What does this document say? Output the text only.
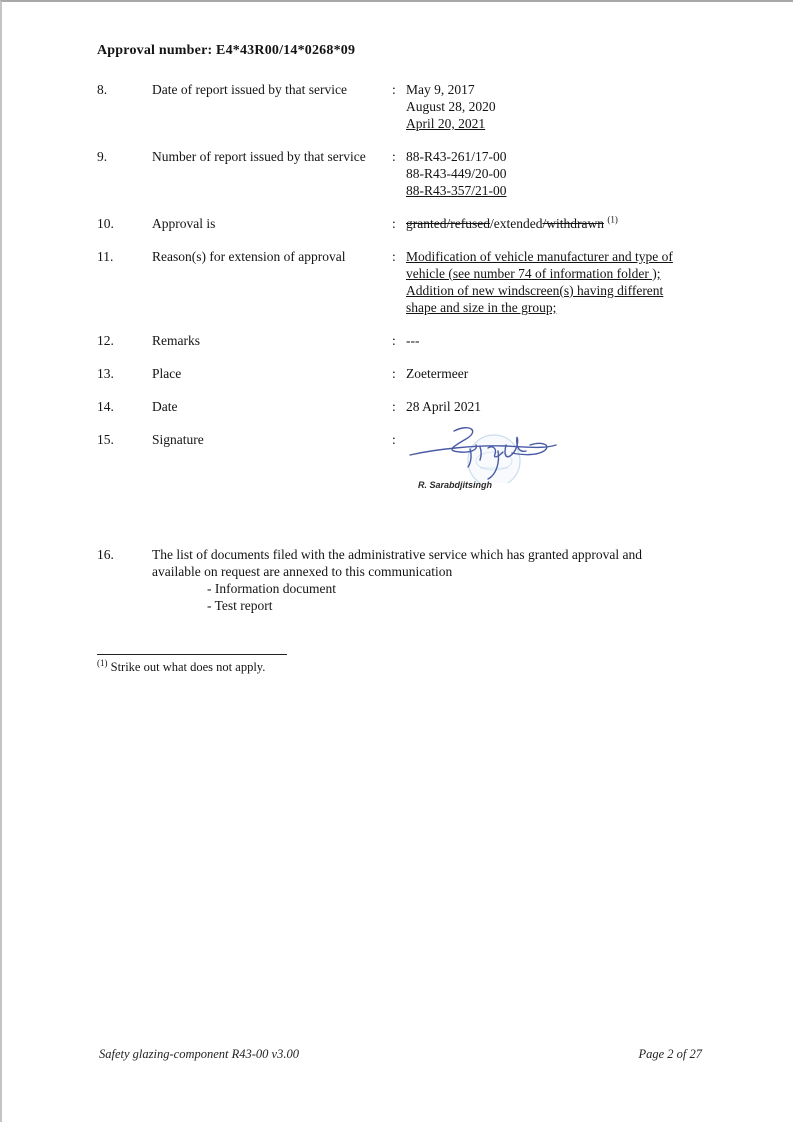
Approval number: E4*43R00/14*0268*09
8.	Date of report issued by that service	: May 9, 2017
August 28, 2020
April 20, 2021
9.	Number of report issued by that service	: 88-R43-261/17-00
88-R43-449/20-00
88-R43-357/21-00
10.	Approval is	: granted/refused/extended/withdrawn $^{(1)}$
11.	Reason(s) for extension of approval	: Modification of vehicle manufacturer and type of
vehicle (see number 74 of information folder );
Addition of new windscreen(s) having different
shape and size in the group;
12.	Remarks	: ---
13.	Place	: Zoetermeer
14.	Date	: 28 April 2021
15.	Signature	:
R. Sarabdjitsingh
16.	The list of documents filed with the administrative service which has granted approval and available on request are annexed to this communication
- Information document
- Test report
$^{(1)}$ Strike out what does not apply.
Safety glazing-component R43-00 v3.00	Page 2 of 27
